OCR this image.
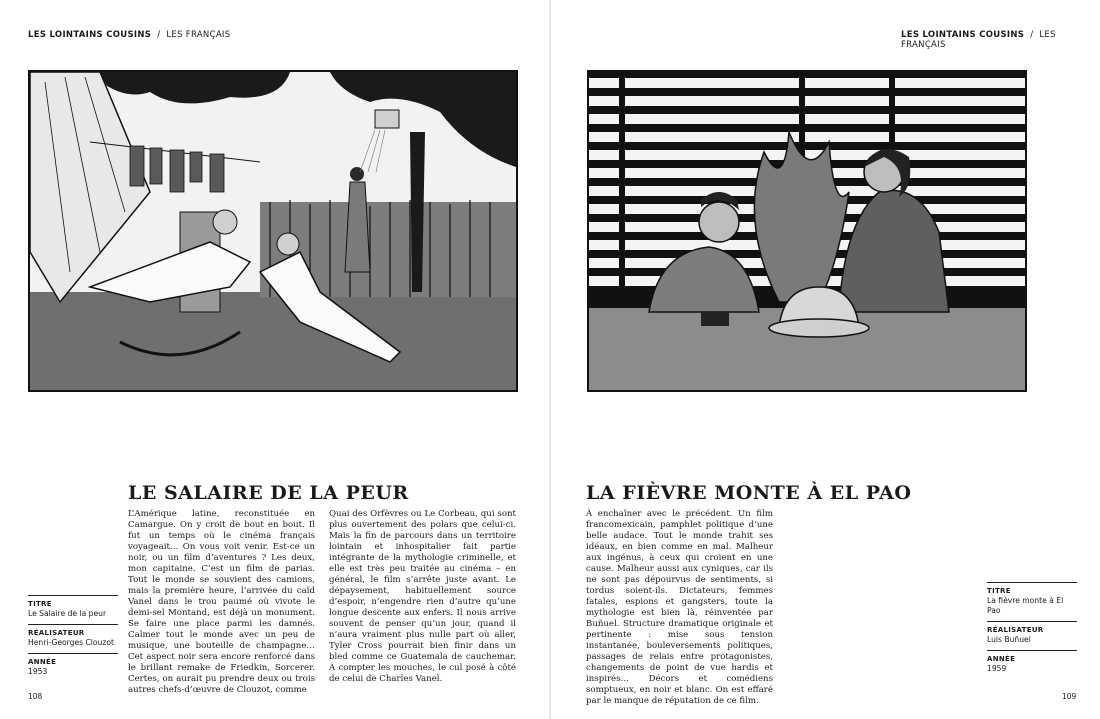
LES LOINTAINS COUSINS / LES FRANÇAIS
LE SALAIRE DE LA PEUR

L’Amérique latine, reconstituée en Camargue. On y croit de bout en bout. Il fut un temps où le cinéma français voyageait… On vous voit venir. Est-ce un noir, ou un film d’aventures ? Les deux, mon capitaine. C’est un film de parias. Tout le monde se souvient des camions, mais la première heure, l’arrivée du caïd Vanel dans le trou paumé où vivote le demi-sel Montand, est déjà un monument. Se faire une place parmi les damnés. Calmer tout le monde avec un peu de musique, une bouteille de champagne… Cet aspect noir sera encore renforcé dans le brillant remake de Friedkin, Sorcerer. Certes, on aurait pu prendre deux ou trois autres chefs-d’œuvre de Clouzot, comme

Quai des Orfèvres ou Le Corbeau, qui sont plus ouvertement des polars que celui-ci. Mais la fin de parcours dans un territoire lointain et inhospitalier fait partie intégrante de la mythologie criminelle, et elle est très peu traitée au cinéma – en général, le film s’arrête juste avant. Le dépaysement, habituellement source d’espoir, n’engendre rien d’autre qu’une longue descente aux enfers. Il nous arrive souvent de penser qu’un jour, quand il n’aura vraiment plus nulle part où aller, Tyler Cross pourrait bien finir dans un bled comme ce Guatemala de cauchemar. À compter les mouches, le cul posé à côté de celui de Charles Vanel.

TITRE
Le Salaire de la peur
RÉALISATEUR
Henri-Georges Clouzot
ANNÉE
1953
108
LES LOINTAINS COUSINS / LES FRANÇAIS
LA FIÈVRE MONTE À EL PAO

À enchaîner avec le précédent. Un film francomexicain, pamphlet politique d’une belle audace. Tout le monde trahit ses idéaux, en bien comme en mal. Malheur aux ingénus, à ceux qui croient en une cause. Malheur aussi aux cyniques, car ils ne sont pas dépourvus de sentiments, si tordus soient-ils. Dictateurs, femmes fatales, espions et gangsters, toute la mythologie est bien là, réinventée par Buñuel. Structure dramatique originale et pertinente : mise sous tension instantanée, bouleversements politiques, passages de relais entre protagonistes, changements de point de vue hardis et inspirés… Décors et comédiens somptueux, en noir et blanc. On est effaré par le manque de réputation de ce film.

TITRE
La fièvre monte à El Pao
RÉALISATEUR
Luis Buñuel
ANNÉE
1959
109
